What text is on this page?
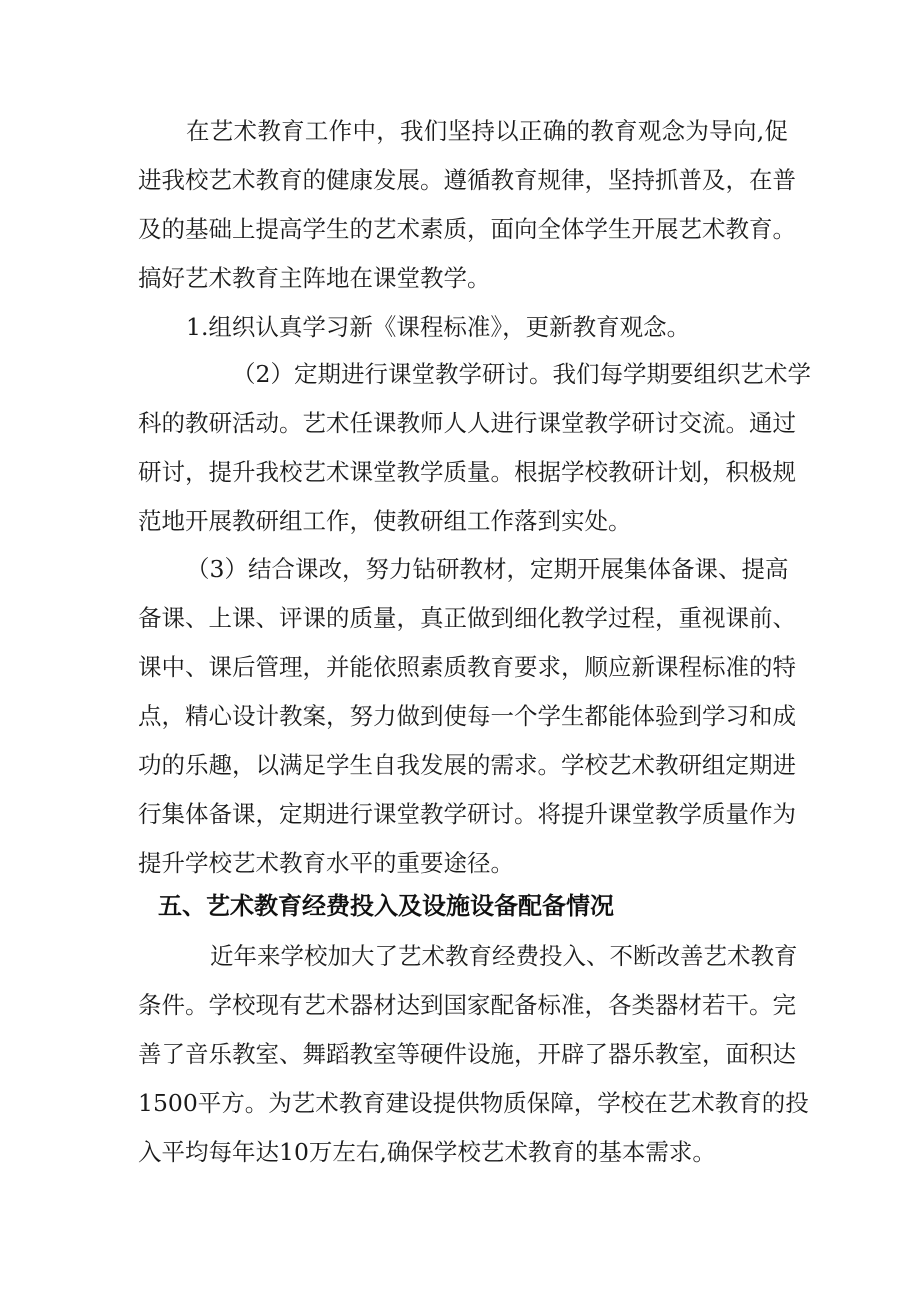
在艺术教育工作中，我们坚持以正确的教育观念为导向,促
进我校艺术教育的健康发展。遵循教育规律，坚持抓普及，在普
及的基础上提高学生的艺术素质，面向全体学生开展艺术教育。
搞好艺术教育主阵地在课堂教学。
1.组织认真学习新《课程标准》，更新教育观念。
（2）定期进行课堂教学研讨。我们每学期要组织艺术学
科的教研活动。艺术任课教师人人进行课堂教学研讨交流。通过
研讨，提升我校艺术课堂教学质量。根据学校教研计划，积极规
范地开展教研组工作，使教研组工作落到实处。
（3）结合课改，努力钻研教材，定期开展集体备课、提高
备课、上课、评课的质量，真正做到细化教学过程，重视课前、
课中、课后管理，并能依照素质教育要求，顺应新课程标准的特
点，精心设计教案，努力做到使每一个学生都能体验到学习和成
功的乐趣，以满足学生自我发展的需求。学校艺术教研组定期进
行集体备课，定期进行课堂教学研讨。将提升课堂教学质量作为
提升学校艺术教育水平的重要途径。
五、艺术教育经费投入及设施设备配备情况
近年来学校加大了艺术教育经费投入、不断改善艺术教育
条件。学校现有艺术器材达到国家配备标准，各类器材若干。完
善了音乐教室、舞蹈教室等硬件设施，开辟了器乐教室，面积达
1500平方。为艺术教育建设提供物质保障，学校在艺术教育的投
入平均每年达10万左右,确保学校艺术教育的基本需求。
